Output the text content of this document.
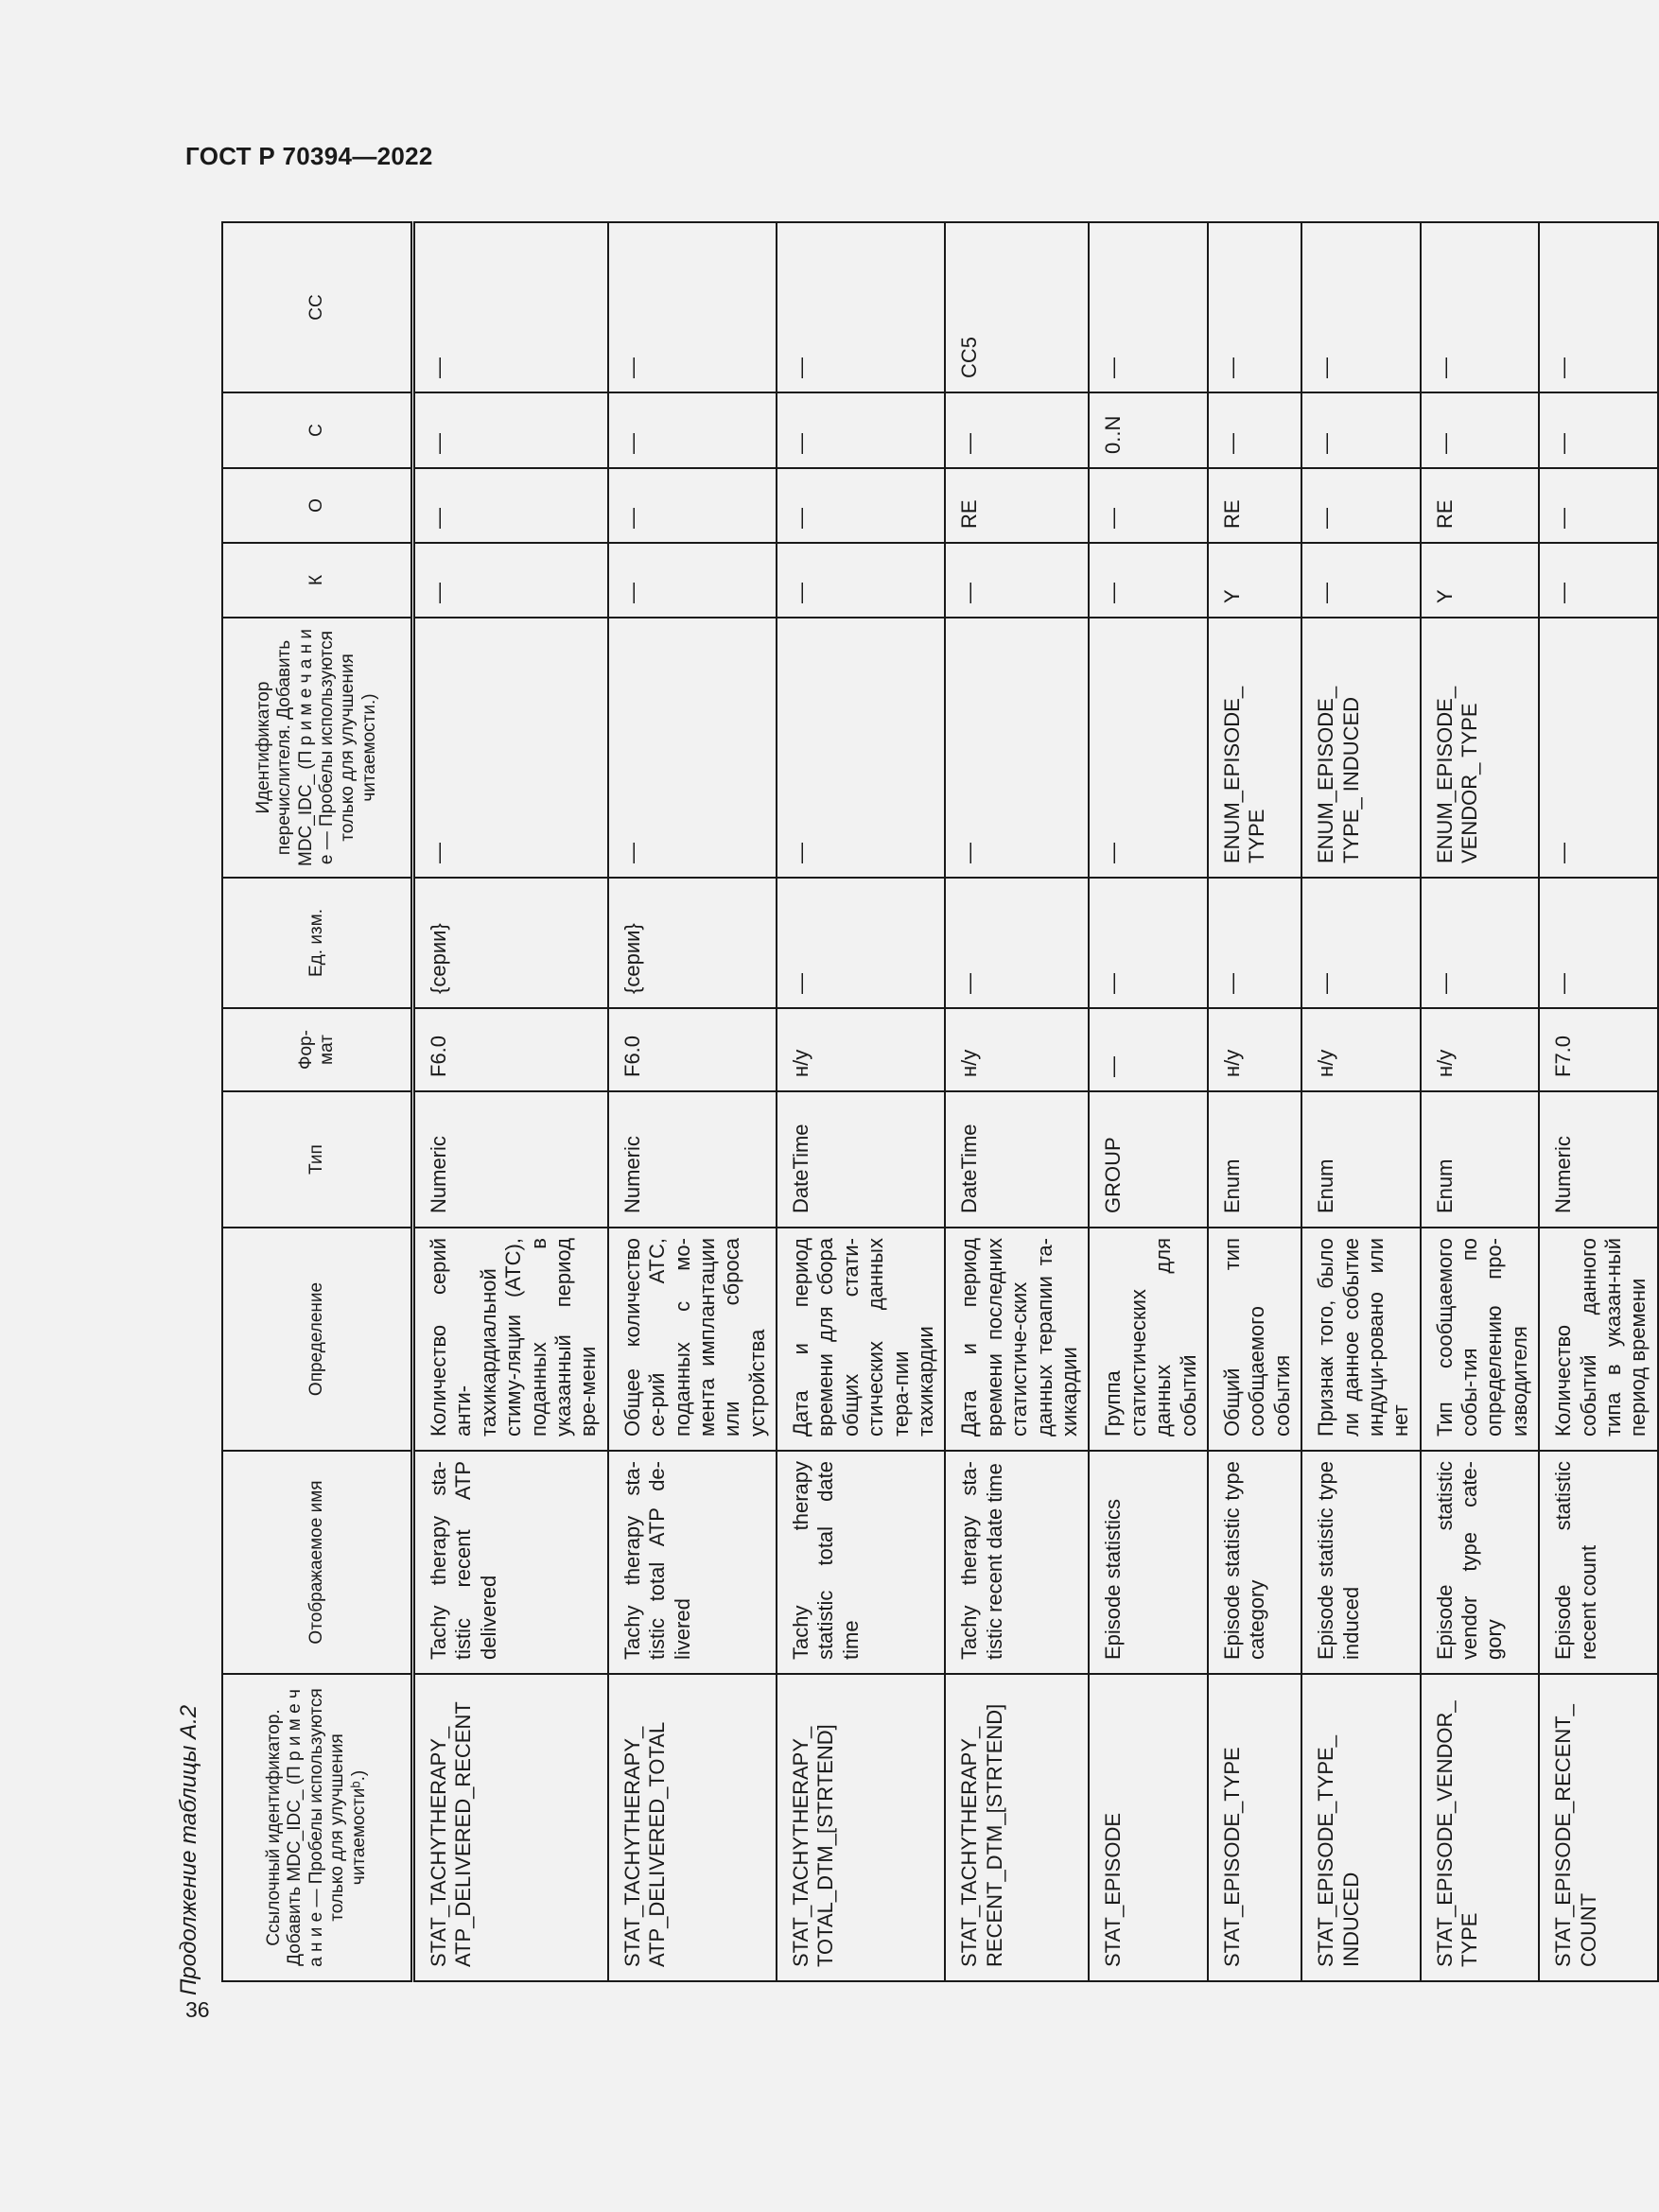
ГОСТ Р 70394—2022
Продолжение таблицы А.2	Ссылочный идентификатор. Добавить MDC_IDC_ (П р и м е ч а н и е — Пробелы используются только для улучшения читаемостиᵇ.)	Отображаемое имя	Определение	Тип	Фор-мат	Ед. изм.	Идентификатор перечислителя. Добавить MDC_IDC_ (П р и м е ч а н и е — Пробелы используются только для улучшения читаемости.)	К	О	С	СС
STAT_TACHYTHERAPY_ ATP_DELIVERED_RECENT	Tachy therapy sta-tistic recent ATP delivered	Количество серий анти-тахикардиальной стиму-ляции (АТС), поданных в указанный период вре-мени	Numeric	F6.0	{серии}	—	—	—	—	—
STAT_TACHYTHERAPY_ ATP_DELIVERED_TOTAL	Tachy therapy sta-tistic total ATP de-livered	Общее количество се-рий АТС, поданных с мо-мента имплантации или сброса устройства	Numeric	F6.0	{серии}	—	—	—	—	—
STAT_TACHYTHERAPY_ TOTAL_DTM_[STRTEND]	Tachy therapy statistic total date time	Дата и период времени для сбора общих стати-стических данных тера-пии тахикардии	DateTime	н/у	—	—	—	—	—	—
STAT_TACHYTHERAPY_ RECENT_DTM_[STRTEND]	Tachy therapy sta-tistic recent date time	Дата и период времени последних статистиче-ских данных терапии та-хикардии	DateTime	н/у	—	—	—	RE	—	CC5
STAT_EPISODE	Episode statistics	Группа статистических данных для событий	GROUP	—	—	—	—	—	0..N	—
STAT_EPISODE_TYPE	Episode statistic type category	Общий тип сообщаемого события	Enum	н/у	—	ENUM_EPISODE_ TYPE	Y	RE	—	—
STAT_EPISODE_TYPE_ INDUCED	Episode statistic type induced	Признак того, было ли данное событие индуци-ровано или нет	Enum	н/у	—	ENUM_EPISODE_ TYPE_ INDUCED	—	—	—	—
STAT_EPISODE_VENDOR_ TYPE	Episode statistic vendor type cate-gory	Тип сообщаемого собы-тия по определению про-изводителя	Enum	н/у	—	ENUM_EPISODE_ VENDOR_ TYPE	Y	RE	—	—
STAT_EPISODE_RECENT_ COUNT	Episode statistic recent count	Количество событий данного типа в указан-ный период времени	Numeric	F7.0	—	—	—	—	—	—
36
